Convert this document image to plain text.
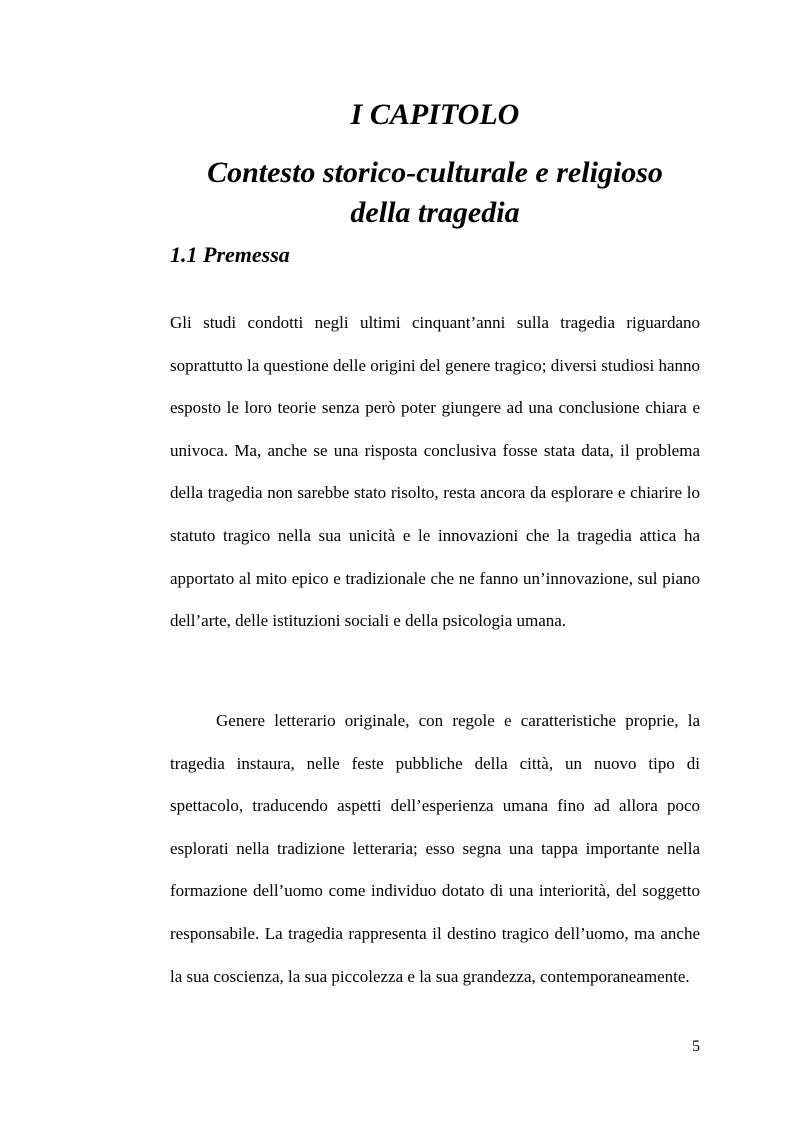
I CAPITOLO
Contesto storico-culturale e religioso
della tragedia
1.1 Premessa

Gli studi condotti negli ultimi cinquant’anni sulla tragedia riguardano soprattutto la questione delle origini del genere tragico; diversi studiosi hanno esposto le loro teorie senza però poter giungere ad una conclusione chiara e univoca. Ma, anche se una risposta conclusiva fosse stata data, il problema della tragedia non sarebbe stato risolto, resta ancora da esplorare e chiarire lo statuto tragico nella sua unicità e le innovazioni che la tragedia attica ha apportato al mito epico e tradizionale che ne fanno un’innovazione, sul piano dell’arte, delle istituzioni sociali e della psicologia umana.

Genere letterario originale, con regole e caratteristiche proprie, la tragedia instaura, nelle feste pubbliche della città, un nuovo tipo di spettacolo, traducendo aspetti dell’esperienza umana fino ad allora poco esplorati nella tradizione letteraria; esso segna una tappa importante nella formazione dell’uomo come individuo dotato di una interiorità, del soggetto responsabile. La tragedia rappresenta il destino tragico dell’uomo, ma anche la sua coscienza, la sua piccolezza e la sua grandezza, contemporaneamente.

5
